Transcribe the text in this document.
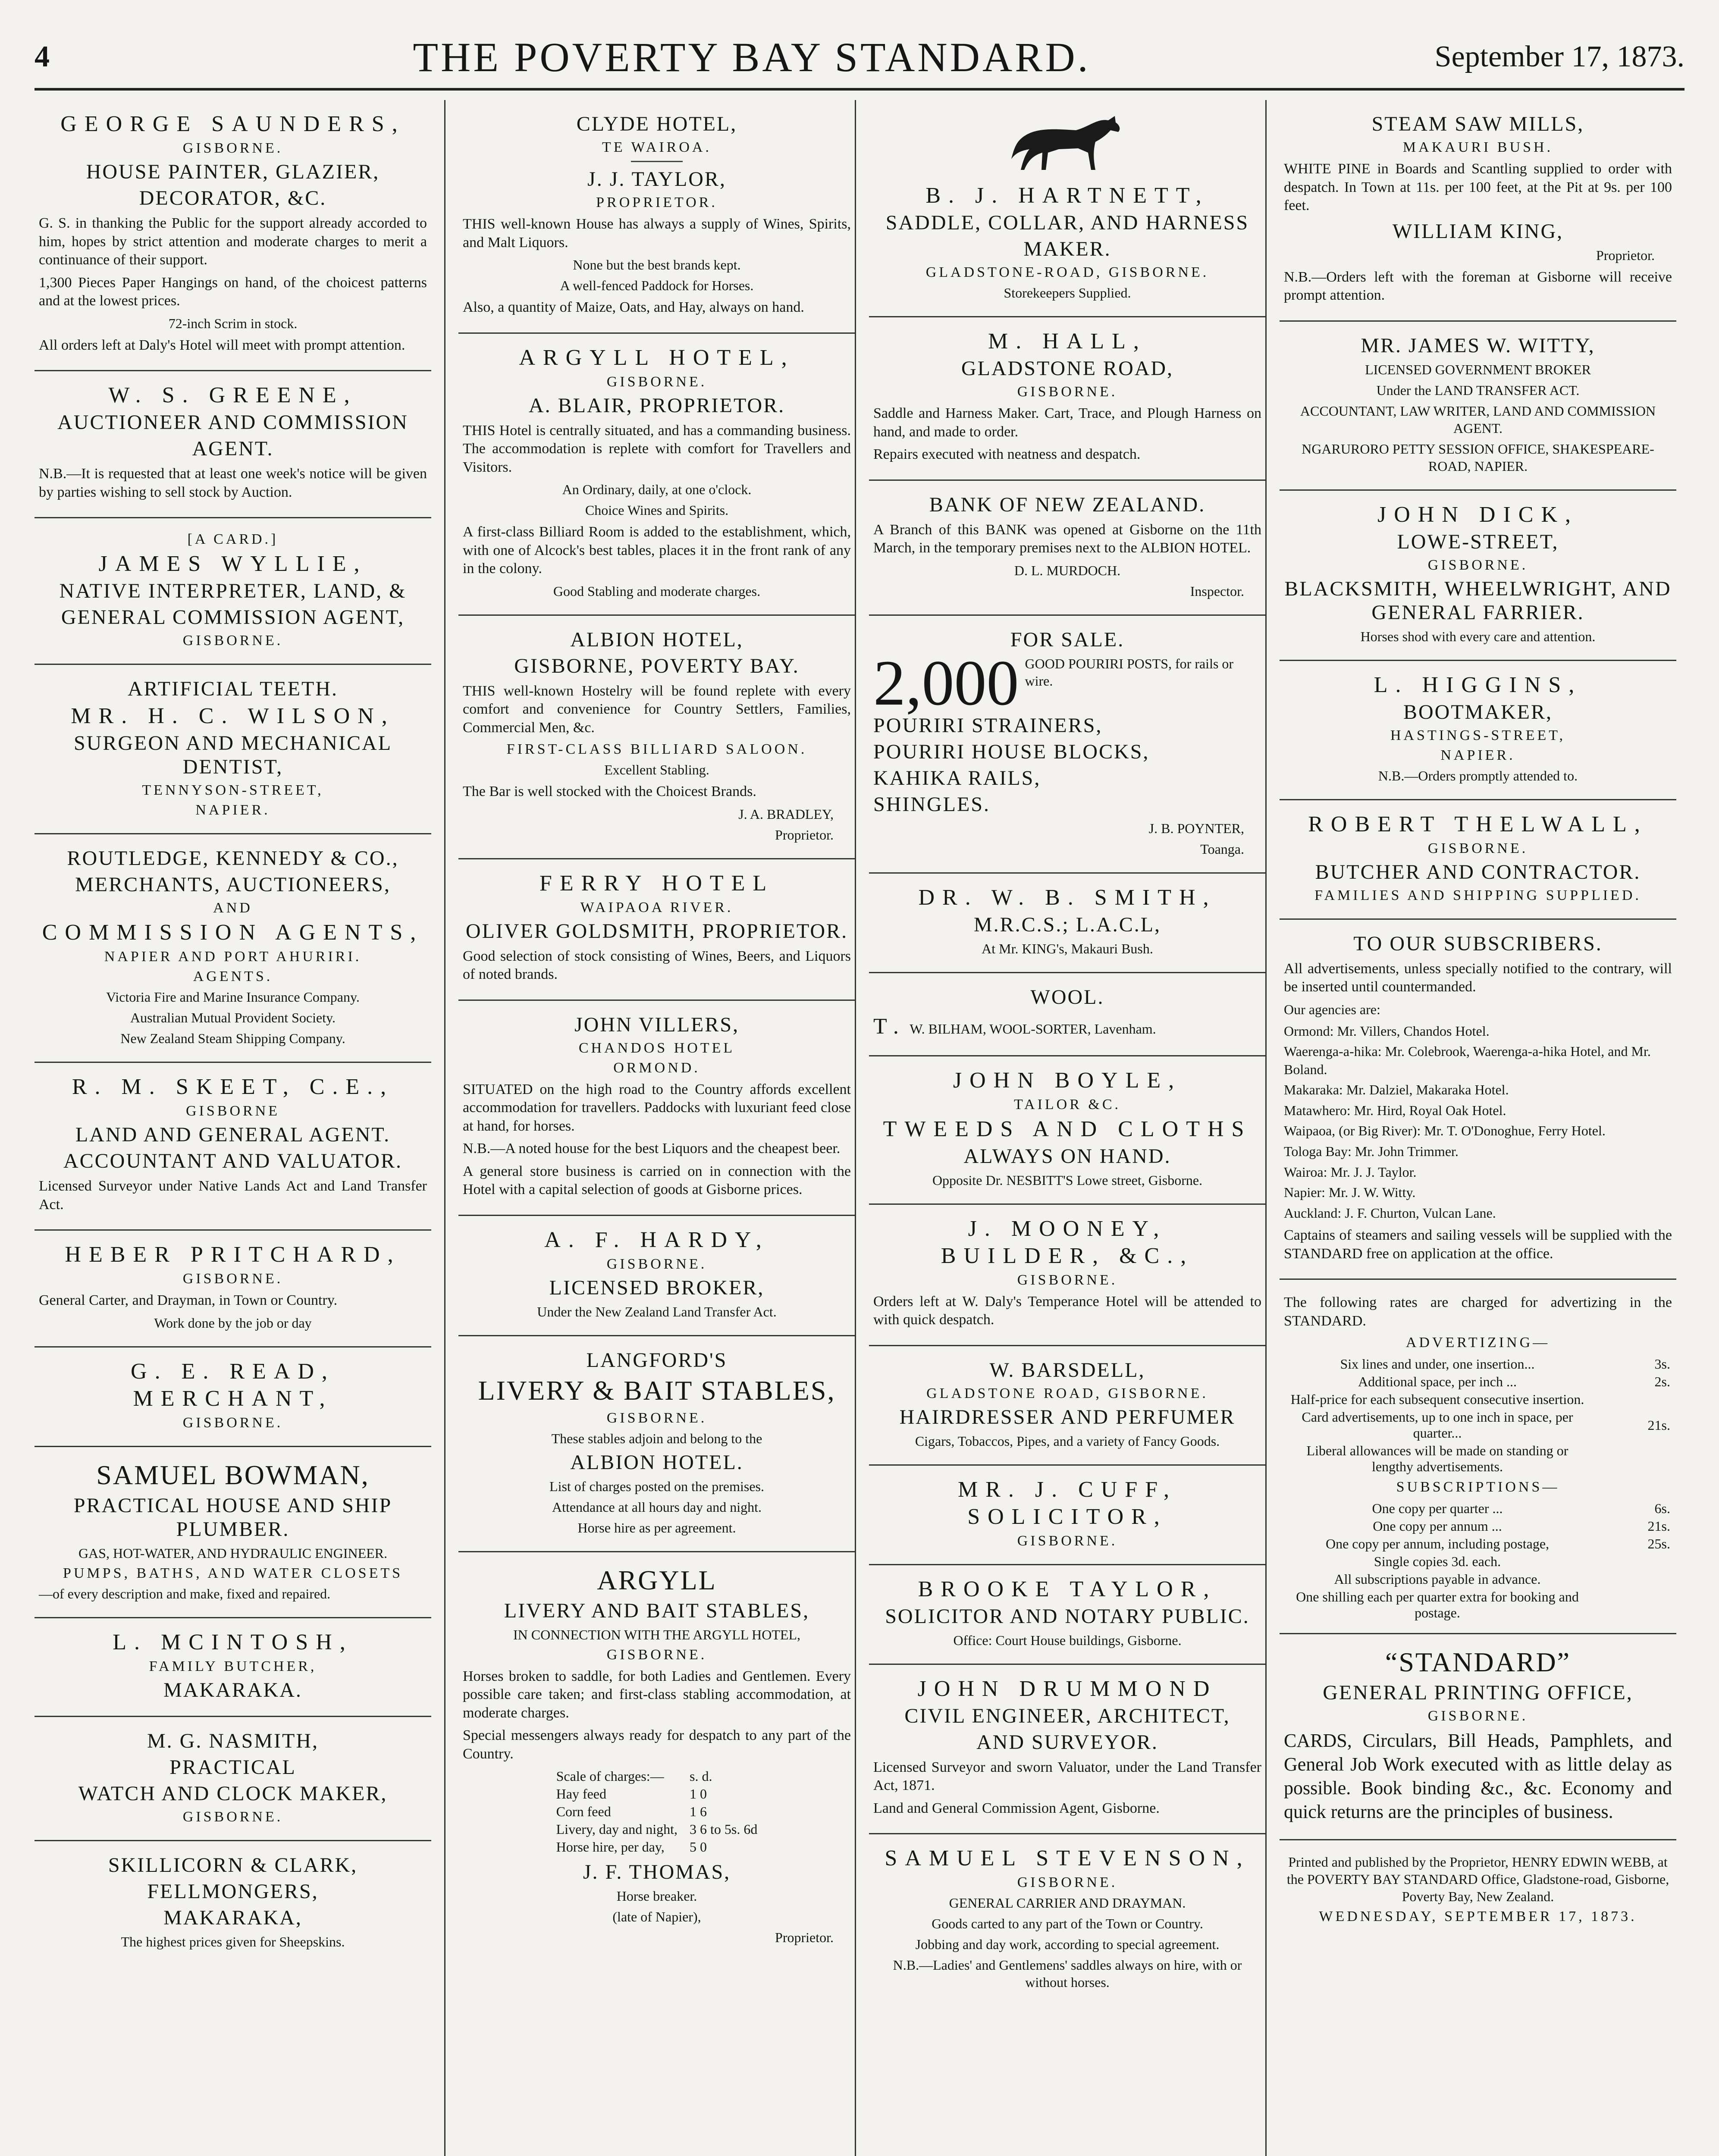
4	THE POVERTY BAY STANDARD.	September 17, 1873.
GEORGE SAUNDERS,
GISBORNE.
HOUSE PAINTER, GLAZIER,
DECORATOR, &C.
G. S. in thanking the Public for the support already accorded to him, hopes by strict attention and moderate charges to merit a continuance of their support.
1,300 Pieces Paper Hangings on hand, of the choicest patterns and at the lowest prices.
72-inch Scrim in stock.
All orders left at Daly's Hotel will meet with prompt attention.
W. S. GREENE,
AUCTIONEER AND COMMISSION
AGENT.
N.B.—It is requested that at least one week's notice will be given by parties wishing to sell stock by Auction.
[A CARD.]
JAMES WYLLIE,
NATIVE INTERPRETER, LAND, &
GENERAL COMMISSION AGENT,
GISBORNE.
ARTIFICIAL TEETH.
MR. H. C. WILSON,
SURGEON AND MECHANICAL DENTIST,
TENNYSON-STREET,
NAPIER.
ROUTLEDGE, KENNEDY & CO.,
MERCHANTS, AUCTIONEERS,
AND
COMMISSION AGENTS,
NAPIER AND PORT AHURIRI.
AGENTS.
Victoria Fire and Marine Insurance Company.
Australian Mutual Provident Society.
New Zealand Steam Shipping Company.
R. M. SKEET, C.E.,
GISBORNE
LAND AND GENERAL AGENT.
ACCOUNTANT AND VALUATOR.
Licensed Surveyor under Native Lands Act and Land Transfer Act.
HEBER PRITCHARD,
GISBORNE.
General Carter, and Drayman, in Town or Country.
Work done by the job or day
G. E. READ,
MERCHANT,
GISBORNE.
SAMUEL BOWMAN,
PRACTICAL HOUSE AND SHIP PLUMBER.
GAS, HOT-WATER, AND HYDRAULIC ENGINEER.
PUMPS, BATHS, AND WATER CLOSETS
—of every description and make, fixed and repaired.
L. MCINTOSH,
FAMILY BUTCHER,
MAKARAKA.
M. G. NASMITH,
PRACTICAL
WATCH AND CLOCK MAKER,
GISBORNE.
SKILLICORN & CLARK,
FELLMONGERS,
MAKARAKA,
The highest prices given for Sheepskins.
CLYDE HOTEL,
TE WAIROA.
J. J. TAYLOR,
PROPRIETOR.
THIS well-known House has always a supply of Wines, Spirits, and Malt Liquors.
None but the best brands kept.
A well-fenced Paddock for Horses.
Also, a quantity of Maize, Oats, and Hay, always on hand.
ARGYLL HOTEL,
GISBORNE.
A. BLAIR, PROPRIETOR.
THIS Hotel is centrally situated, and has a commanding business. The accommodation is replete with comfort for Travellers and Visitors.
An Ordinary, daily, at one o'clock.
Choice Wines and Spirits.
A first-class Billiard Room is added to the establishment, which, with one of Alcock's best tables, places it in the front rank of any in the colony.
Good Stabling and moderate charges.
ALBION HOTEL,
GISBORNE, POVERTY BAY.
THIS well-known Hostelry will be found replete with every comfort and convenience for Country Settlers, Families, Commercial Men, &c.
FIRST-CLASS BILLIARD SALOON.
Excellent Stabling.
The Bar is well stocked with the Choicest Brands.
J. A. BRADLEY,
Proprietor.
FERRY HOTEL
WAIPAOA RIVER.
OLIVER GOLDSMITH, PROPRIETOR.
Good selection of stock consisting of Wines, Beers, and Liquors of noted brands.
JOHN VILLERS,
CHANDOS HOTEL
ORMOND.
SITUATED on the high road to the Country affords excellent accommodation for travellers. Paddocks with luxuriant feed close at hand, for horses.
N.B.—A noted house for the best Liquors and the cheapest beer.
A general store business is carried on in connection with the Hotel with a capital selection of goods at Gisborne prices.
A. F. HARDY,
GISBORNE.
LICENSED BROKER,
Under the New Zealand Land Transfer Act.
LANGFORD'S
LIVERY & BAIT STABLES,
GISBORNE.
These stables adjoin and belong to the
ALBION HOTEL.
List of charges posted on the premises.
Attendance at all hours day and night.
Horse hire as per agreement.
ARGYLL
LIVERY AND BAIT STABLES,
IN CONNECTION WITH THE ARGYLL HOTEL,
GISBORNE.
Horses broken to saddle, for both Ladies and Gentlemen. Every possible care taken; and first-class stabling accommodation, at moderate charges.
Special messengers always ready for despatch to any part of the Country.
Scale of charges:—	s. d.
Hay feed	1 0
Corn feed	1 6
Livery, day and night,	3 6 to 5s. 6d
Horse hire, per day,	5 0
J. F. THOMAS,
Horse breaker.
(late of Napier),
Proprietor.
B. J. HARTNETT,
SADDLE, COLLAR, AND HARNESS
MAKER.
GLADSTONE-ROAD, GISBORNE.
Storekeepers Supplied.
M. HALL,
GLADSTONE ROAD,
GISBORNE.
Saddle and Harness Maker. Cart, Trace, and Plough Harness on hand, and made to order.
Repairs executed with neatness and despatch.
BANK OF NEW ZEALAND.
A Branch of this BANK was opened at Gisborne on the 11th March, in the temporary premises next to the ALBION HOTEL.
D. L. MURDOCH.
Inspector.
FOR SALE.
2,000 GOOD POURIRI POSTS, for rails or wire.
POURIRI STRAINERS,
POURIRI HOUSE BLOCKS,
KAHIKA RAILS,
SHINGLES.
J. B. POYNTER,
Toanga.
DR. W. B. SMITH,
M.R.C.S.; L.A.C.L,
At Mr. KING's, Makauri Bush.
WOOL.
T. W. BILHAM, WOOL-SORTER, Lavenham.
JOHN BOYLE,
TAILOR &C.
TWEEDS AND CLOTHS
ALWAYS ON HAND.
Opposite Dr. NESBITT'S Lowe street, Gisborne.
J. MOONEY,
BUILDER, &C.,
GISBORNE.
Orders left at W. Daly's Temperance Hotel will be attended to with quick despatch.
W. BARSDELL,
GLADSTONE ROAD, GISBORNE.
HAIRDRESSER AND PERFUMER
Cigars, Tobaccos, Pipes, and a variety of Fancy Goods.
MR. J. CUFF,
SOLICITOR,
GISBORNE.
BROOKE TAYLOR,
SOLICITOR AND NOTARY PUBLIC.
Office: Court House buildings, Gisborne.
JOHN DRUMMOND
CIVIL ENGINEER, ARCHITECT,
AND SURVEYOR.
Licensed Surveyor and sworn Valuator, under the Land Transfer Act, 1871.
Land and General Commission Agent, Gisborne.
SAMUEL STEVENSON,
GISBORNE.
GENERAL CARRIER AND DRAYMAN.
Goods carted to any part of the Town or Country.
Jobbing and day work, according to special agreement.
N.B.—Ladies' and Gentlemens' saddles always on hire, with or without horses.
STEAM SAW MILLS,
MAKAURI BUSH.
WHITE PINE in Boards and Scantling supplied to order with despatch. In Town at 11s. per 100 feet, at the Pit at 9s. per 100 feet.
WILLIAM KING,
Proprietor.
N.B.—Orders left with the foreman at Gisborne will receive prompt attention.
MR. JAMES W. WITTY,
LICENSED GOVERNMENT BROKER
Under the LAND TRANSFER ACT.
ACCOUNTANT, LAW WRITER, LAND AND COMMISSION AGENT.
NGARURORO PETTY SESSION OFFICE, SHAKESPEARE-ROAD, NAPIER.
JOHN DICK,
LOWE-STREET,
GISBORNE.
BLACKSMITH, WHEELWRIGHT, AND GENERAL FARRIER.
Horses shod with every care and attention.
L. HIGGINS,
BOOTMAKER,
HASTINGS-STREET,
NAPIER.
N.B.—Orders promptly attended to.
ROBERT THELWALL,
GISBORNE.
BUTCHER AND CONTRACTOR.
FAMILIES AND SHIPPING SUPPLIED.
TO OUR SUBSCRIBERS.
All advertisements, unless specially notified to the contrary, will be inserted until countermanded.
Our agencies are:
Ormond: Mr. Villers, Chandos Hotel.
Waerenga-a-hika: Mr. Colebrook, Waerenga-a-hika Hotel, and Mr. Boland.
Makaraka: Mr. Dalziel, Makaraka Hotel.
Matawhero: Mr. Hird, Royal Oak Hotel.
Waipaoa, (or Big River): Mr. T. O'Donoghue, Ferry Hotel.
Tologa Bay: Mr. John Trimmer.
Wairoa: Mr. J. J. Taylor.
Napier: Mr. J. W. Witty.
Auckland: J. F. Churton, Vulcan Lane.
Captains of steamers and sailing vessels will be supplied with the STANDARD free on application at the office.
The following rates are charged for advertizing in the STANDARD.
ADVERTIZING—
Six lines and under, one insertion...	3s.
Additional space, per inch ...	2s.
Half-price for each subsequent consecutive insertion.	
Card advertisements, up to one inch in space, per quarter...	21s.
Liberal allowances will be made on standing or lengthy advertisements.	
SUBSCRIPTIONS—
One copy per quarter ...	6s.
One copy per annum ...	21s.
One copy per annum, including postage,	25s.
Single copies 3d. each.	
All subscriptions payable in advance.	
One shilling each per quarter extra for booking and postage.	
“STANDARD”
GENERAL PRINTING OFFICE,
GISBORNE.
CARDS, Circulars, Bill Heads, Pamphlets, and General Job Work executed with as little delay as possible. Book binding &c., &c. Economy and quick returns are the principles of business.
Printed and published by the Proprietor, HENRY EDWIN WEBB, at the POVERTY BAY STANDARD Office, Gladstone-road, Gisborne, Poverty Bay, New Zealand.
WEDNESDAY, SEPTEMBER 17, 1873.
